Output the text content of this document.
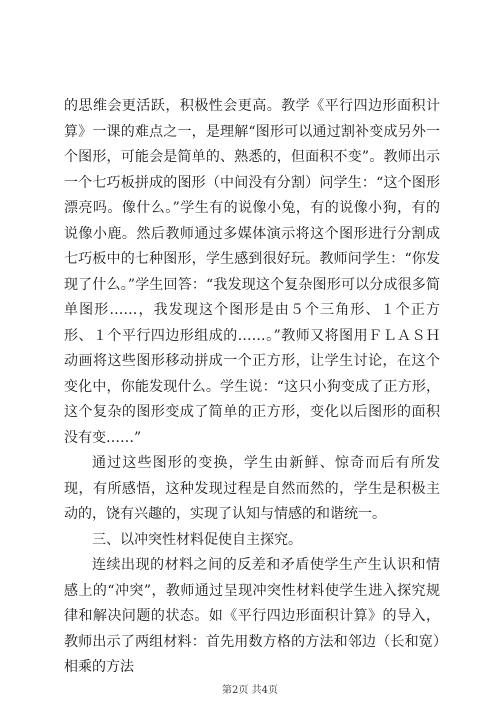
的思维会更活跃，积极性会更高。教学《平行四边形面积计算》一课的难点之一，是理解“图形可以通过割补变成另外一个图形，可能会是简单的、熟悉的，但面积不变”。教师出示一个七巧板拼成的图形（中间没有分割）问学生：“这个图形漂亮吗。像什么。”学生有的说像小兔，有的说像小狗，有的说像小鹿。然后教师通过多媒体演示将这个图形进行分割成七巧板中的七种图形，学生感到很好玩。教师问学生：“你发现了什么。”学生回答：“我发现这个复杂图形可以分成很多简单图形……，我发现这个图形是由５个三角形、１个正方形、１个平行四边形组成的……。”教师又将图用ＦＬＡＳＨ动画将这些图形移动拼成一个正方形，让学生讨论，在这个变化中，你能发现什么。学生说：“这只小狗变成了正方形，这个复杂的图形变成了简单的正方形，变化以后图形的面积没有变……”

通过这些图形的变换，学生由新鲜、惊奇而后有所发现，有所感悟，这种发现过程是自然而然的，学生是积极主动的，饶有兴趣的，实现了认知与情感的和谐统一。

三、以冲突性材料促使自主探究。

连续出现的材料之间的反差和矛盾使学生产生认识和情感上的“冲突”，教师通过呈现冲突性材料使学生进入探究规律和解决问题的状态。如《平行四边形面积计算》的导入，教师出示了两组材料：首先用数方格的方法和邻边（长和宽）相乘的方法

第2页 共4页
